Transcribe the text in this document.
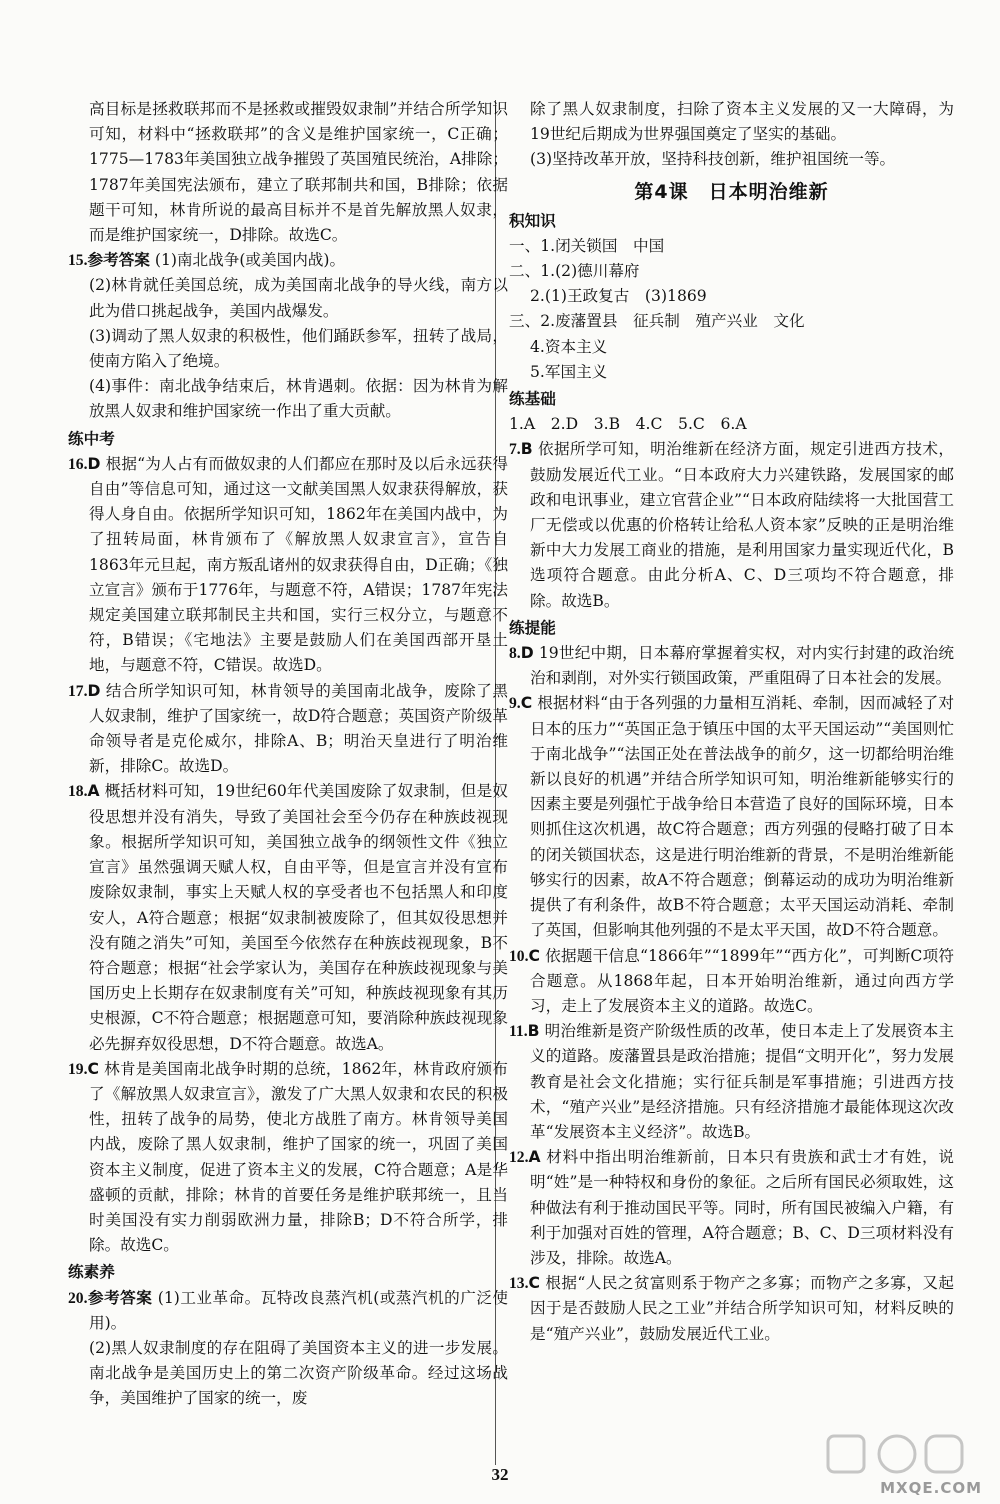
高目标是拯救联邦而不是拯救或摧毁奴隶制”并结合所学知识可知，材料中“拯救联邦”的含义是维护国家统一，C正确；1775—1783年美国独立战争摧毁了英国殖民统治，A排除；1787年美国宪法颁布，建立了联邦制共和国，B排除；依据题干可知，林肯所说的最高目标并不是首先解放黑人奴隶，而是维护国家统一，D排除。故选C。

15.参考答案 (1)南北战争(或美国内战)。

(2)林肯就任美国总统，成为美国南北战争的导火线，南方以此为借口挑起战争，美国内战爆发。

(3)调动了黑人奴隶的积极性，他们踊跃参军，扭转了战局，使南方陷入了绝境。

(4)事件：南北战争结束后，林肯遇刺。依据：因为林肯为解放黑人奴隶和维护国家统一作出了重大贡献。

练中考

16.D 根据“为人占有而做奴隶的人们都应在那时及以后永远获得自由”等信息可知，通过这一文献美国黑人奴隶获得解放，获得人身自由。依据所学知识可知，1862年在美国内战中，为了扭转局面，林肯颁布了《解放黑人奴隶宣言》，宣告自1863年元旦起，南方叛乱诸州的奴隶获得自由，D正确；《独立宣言》颁布于1776年，与题意不符，A错误；1787年宪法规定美国建立联邦制民主共和国，实行三权分立，与题意不符，B错误；《宅地法》主要是鼓励人们在美国西部开垦土地，与题意不符，C错误。故选D。

17.D 结合所学知识可知，林肯领导的美国南北战争，废除了黑人奴隶制，维护了国家统一，故D符合题意；英国资产阶级革命领导者是克伦威尔，排除A、B；明治天皇进行了明治维新，排除C。故选D。

18.A 概括材料可知，19世纪60年代美国废除了奴隶制，但是奴役思想并没有消失，导致了美国社会至今仍存在种族歧视现象。根据所学知识可知，美国独立战争的纲领性文件《独立宣言》虽然强调天赋人权，自由平等，但是宣言并没有宣布废除奴隶制，事实上天赋人权的享受者也不包括黑人和印度安人，A符合题意；根据“奴隶制被废除了，但其奴役思想并没有随之消失”可知，美国至今依然存在种族歧视现象，B不符合题意；根据“社会学家认为，美国存在种族歧视现象与美国历史上长期存在奴隶制度有关”可知，种族歧视现象有其历史根源，C不符合题意；根据题意可知，要消除种族歧视现象必先摒弃奴役思想，D不符合题意。故选A。

19.C 林肯是美国南北战争时期的总统，1862年，林肯政府颁布了《解放黑人奴隶宣言》，激发了广大黑人奴隶和农民的积极性，扭转了战争的局势，使北方战胜了南方。林肯领导美国内战，废除了黑人奴隶制，维护了国家的统一，巩固了美国资本主义制度，促进了资本主义的发展，C符合题意；A是华盛顿的贡献，排除；林肯的首要任务是维护联邦统一，且当时美国没有实力削弱欧洲力量，排除B；D不符合所学，排除。故选C。

练素养

20.参考答案 (1)工业革命。瓦特改良蒸汽机(或蒸汽机的广泛使用)。

(2)黑人奴隶制度的存在阻碍了美国资本主义的进一步发展。南北战争是美国历史上的第二次资产阶级革命。经过这场战争，美国维护了国家的统一，废

除了黑人奴隶制度，扫除了资本主义发展的又一大障碍，为19世纪后期成为世界强国奠定了坚实的基础。

(3)坚持改革开放，坚持科技创新，维护祖国统一等。

第4课　日本明治维新

积知识

一、1.闭关锁国　中国

二、1.(2)德川幕府

2.(1)王政复古　(3)1869

三、2.废藩置县　征兵制　殖产兴业　文化

4.资本主义

5.军国主义

练基础

1.A　2.D　3.B　4.C　5.C　6.A

7.B 依据所学可知，明治维新在经济方面，规定引进西方技术，鼓励发展近代工业。“日本政府大力兴建铁路，发展国家的邮政和电讯事业，建立官营企业”“日本政府陆续将一大批国营工厂无偿或以优惠的价格转让给私人资本家”反映的正是明治维新中大力发展工商业的措施，是利用国家力量实现近代化，B选项符合题意。由此分析A、C、D三项均不符合题意，排除。故选B。

练提能

8.D 19世纪中期，日本幕府掌握着实权，对内实行封建的政治统治和剥削，对外实行锁国政策，严重阻碍了日本社会的发展。

9.C 根据材料“由于各列强的力量相互消耗、牵制，因而减轻了对日本的压力”“英国正急于镇压中国的太平天国运动”“美国则忙于南北战争”“法国正处在普法战争的前夕，这一切都给明治维新以良好的机遇”并结合所学知识可知，明治维新能够实行的因素主要是列强忙于战争给日本营造了良好的国际环境，日本则抓住这次机遇，故C符合题意；西方列强的侵略打破了日本的闭关锁国状态，这是进行明治维新的背景，不是明治维新能够实行的因素，故A不符合题意；倒幕运动的成功为明治维新提供了有利条件，故B不符合题意；太平天国运动消耗、牵制了英国，但影响其他列强的不是太平天国，故D不符合题意。

10.C 依据题干信息“1866年”“1899年”“西方化”，可判断C项符合题意。从1868年起，日本开始明治维新，通过向西方学习，走上了发展资本主义的道路。故选C。

11.B 明治维新是资产阶级性质的改革，使日本走上了发展资本主义的道路。废藩置县是政治措施；提倡“文明开化”，努力发展教育是社会文化措施；实行征兵制是军事措施；引进西方技术，“殖产兴业”是经济措施。只有经济措施才最能体现这次改革“发展资本主义经济”。故选B。

12.A 材料中指出明治维新前，日本只有贵族和武士才有姓，说明“姓”是一种特权和身份的象征。之后所有国民必须取姓，这种做法有利于推动国民平等。同时，所有国民被编入户籍，有利于加强对百姓的管理，A符合题意；B、C、D三项材料没有涉及，排除。故选A。

13.C 根据“人民之贫富则系于物产之多寡；而物产之多寡，又起因于是否鼓励人民之工业”并结合所学知识可知，材料反映的是“殖产兴业”，鼓励发展近代工业。

32
MXQE.COM
